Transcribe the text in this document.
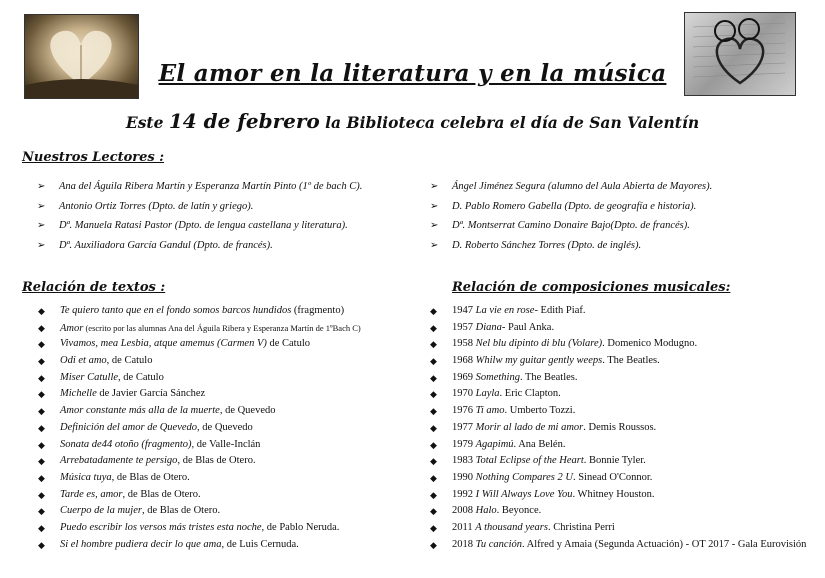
El amor en la literatura y en la música
Este 14 de febrero la Biblioteca celebra el día de San Valentín
Nuestros Lectores :
➢ Ana del Águila Ribera Martín y Esperanza Martín Pinto (1º de bach C).
➢ Antonio Ortiz Torres (Dpto. de latín y griego).
➢ Dª. Manuela Ratasi Pastor (Dpto. de lengua castellana y literatura).
➢ Dª. Auxiliadora García Gandul (Dpto. de francés).
➢ Ángel Jiménez Segura (alumno del Aula Abierta de Mayores).
➢ D. Pablo Romero Gabella (Dpto. de geografía e historia).
➢ Dª. Montserrat Camino Donaire Bajo(Dpto. de francés).
➢ D. Roberto Sánchez Torres (Dpto. de inglés).
Relación de textos :
◆ Te quiero tanto que en el fondo somos barcos hundidos (fragmento)
◆ Amor (escrito por las alumnas Ana del Águila Ribera y Esperanza Martín de 1ºBach C)
◆ Vivamos, mea Lesbia, atque amemus (Carmen V) de Catulo
◆ Odi et amo, de Catulo
◆ Miser Catulle, de Catulo
◆ Michelle de Javier García Sánchez
◆ Amor constante más alla de la muerte, de Quevedo
◆ Definición del amor de Quevedo, de Quevedo
◆ Sonata de44 otoño (fragmento), de Valle-Inclán
◆ Arrebatadamente te persigo, de Blas de Otero.
◆ Música tuya, de Blas de Otero.
◆ Tarde es, amor, de Blas de Otero.
◆ Cuerpo de la mujer, de Blas de Otero.
◆ Puedo escribir los versos más tristes esta noche, de Pablo Neruda.
◆ Si el hombre pudiera decir lo que ama, de Luis Cernuda.
Relación de composiciones musicales:
◆ 1947 La vie en rose- Edith Piaf.
◆ 1957 Diana- Paul Anka.
◆ 1958 Nel blu dipinto di blu (Volare). Domenico Modugno.
◆ 1968 Whilw my guitar gently weeps. The Beatles.
◆ 1969 Something. The Beatles.
◆ 1970 Layla. Eric Clapton.
◆ 1976 Ti amo. Umberto Tozzi.
◆ 1977 Morir al lado de mi amor. Demis Roussos.
◆ 1979 Agapimú. Ana Belén.
◆ 1983 Total Eclipse of the Heart. Bonnie Tyler.
◆ 1990 Nothing Compares 2 U. Sinead O'Connor.
◆ 1992 I Will Always Love You. Whitney Houston.
◆ 2008 Halo. Beyonce.
◆ 2011 A thousand years. Christina Perri
◆ 2018 Tu canción. Alfred y Amaia (Segunda Actuación) - OT 2017 - Gala Eurovisión
